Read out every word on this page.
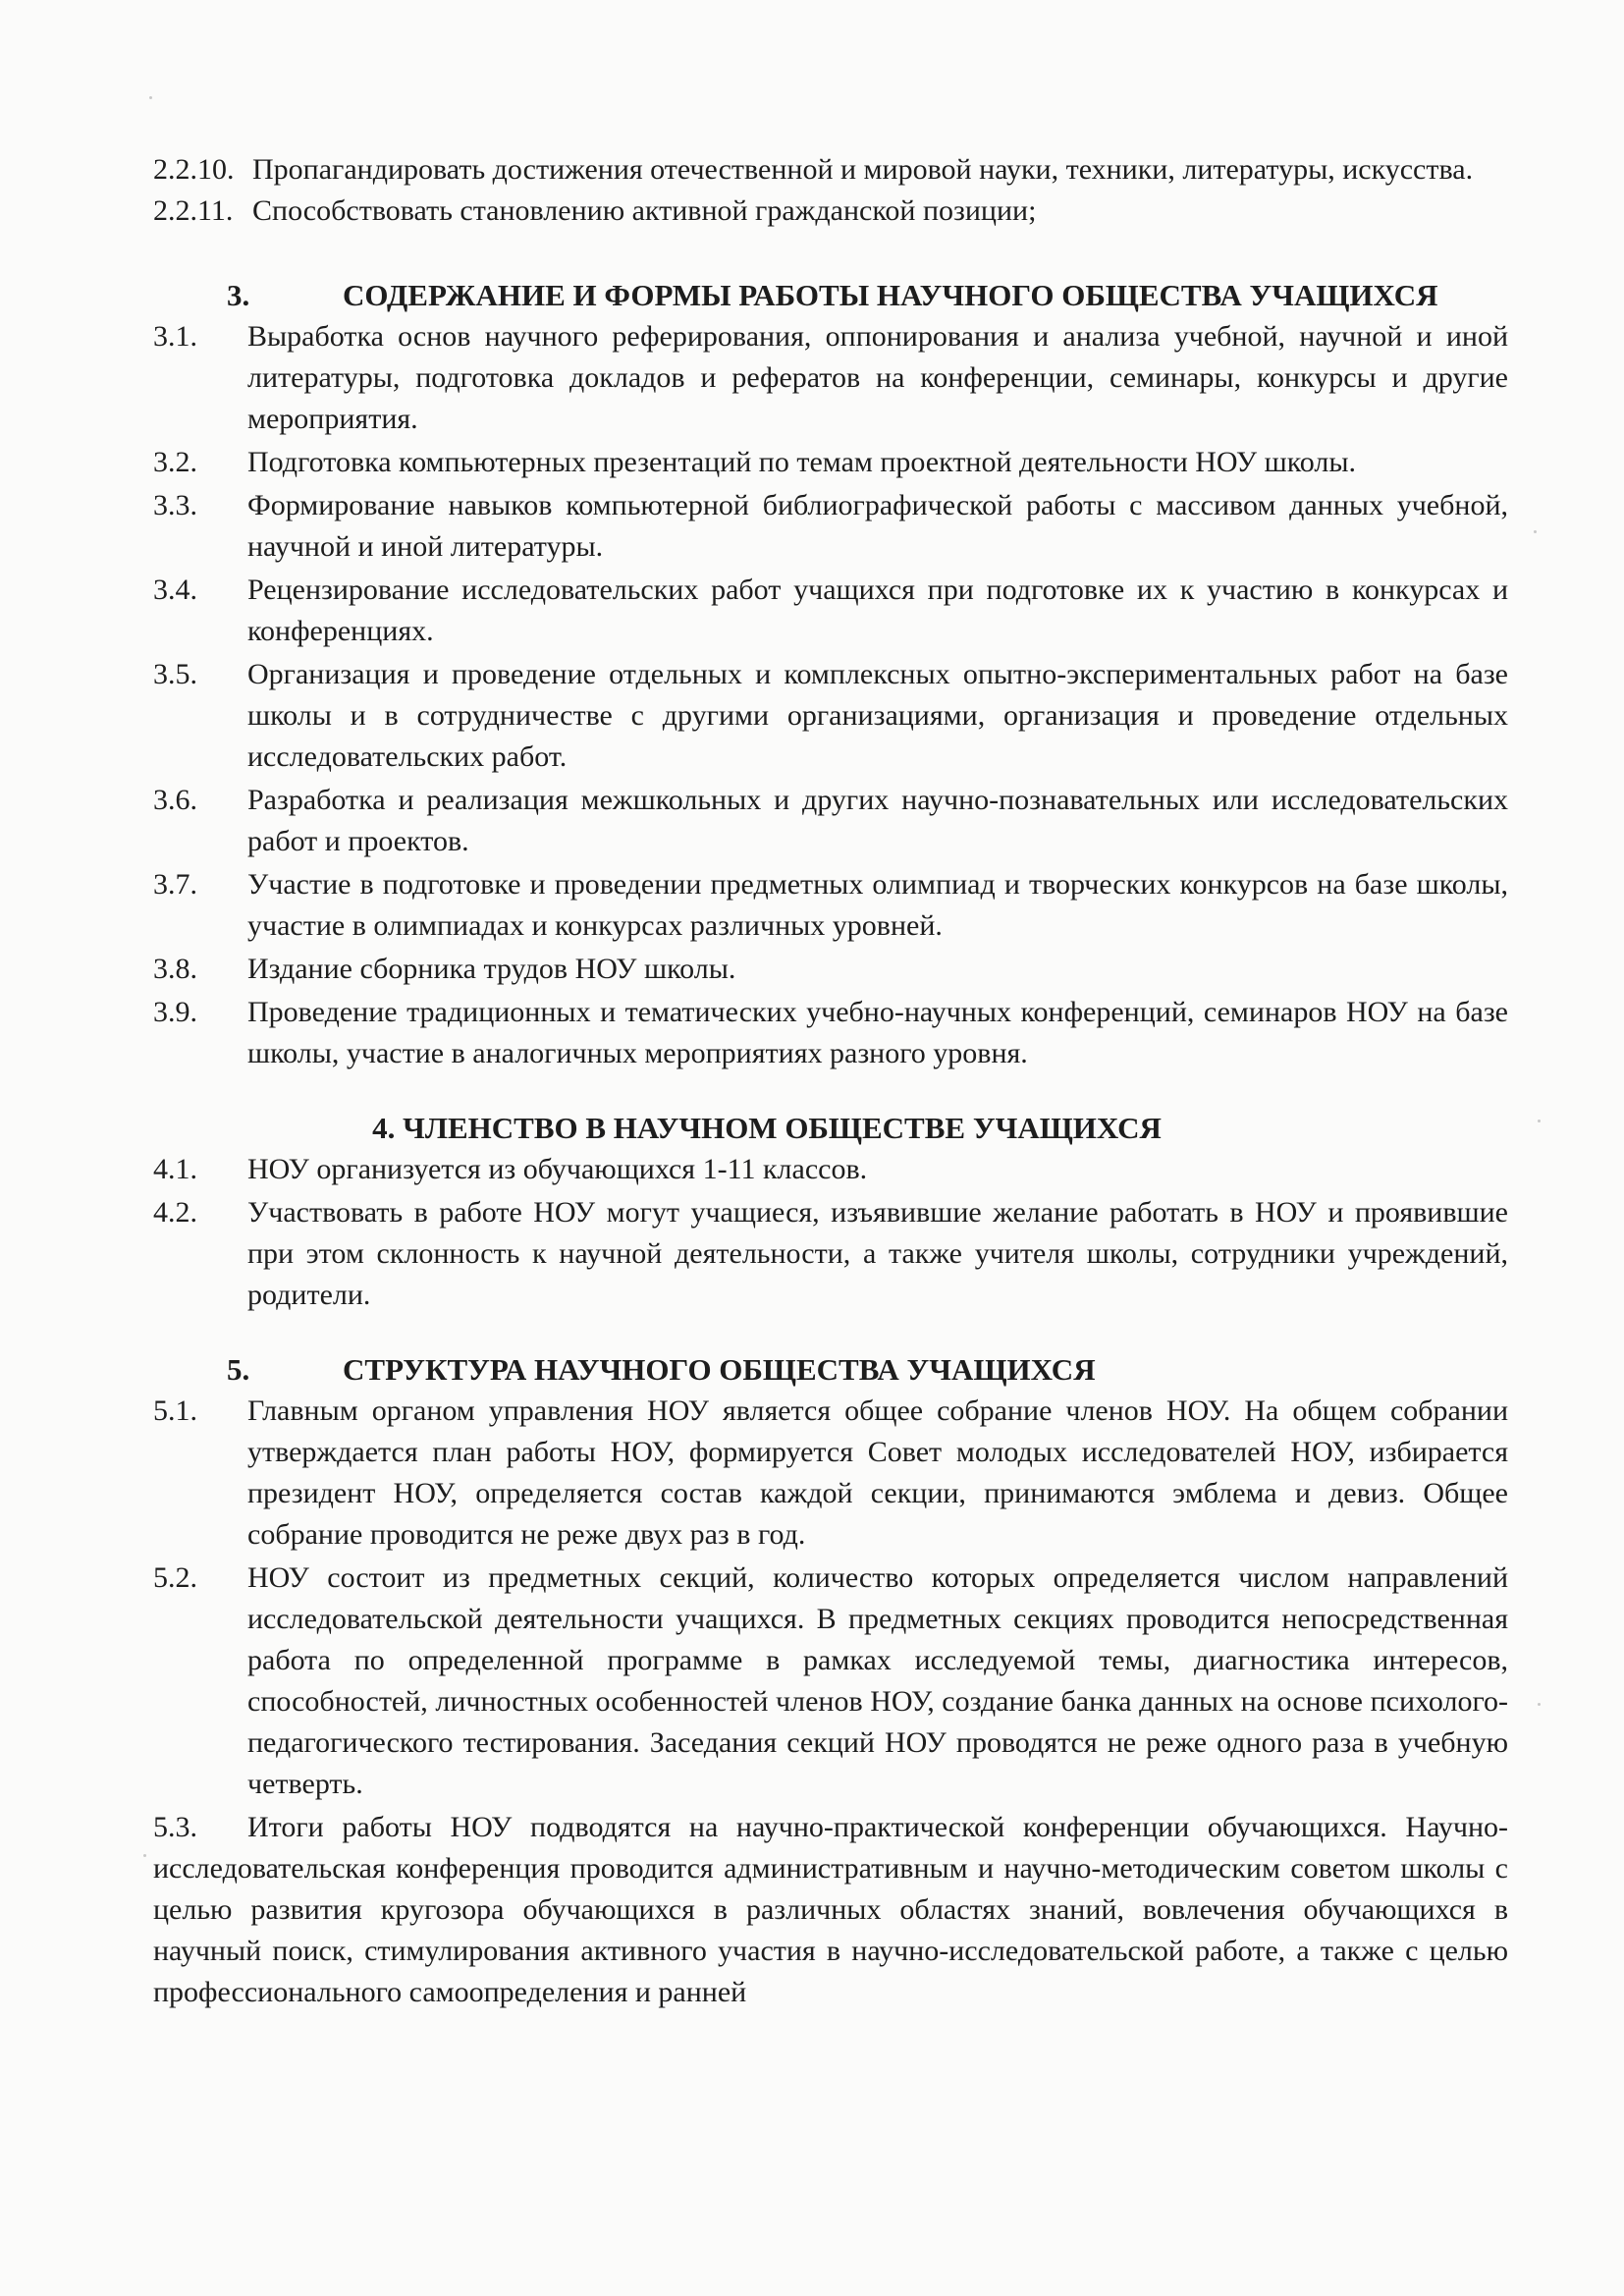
2.2.10. Пропагандировать достижения отечественной и мировой науки, техники, литературы, искусства.
2.2.11. Способствовать становлению активной гражданской позиции;
3.	СОДЕРЖАНИЕ И ФОРМЫ РАБОТЫ НАУЧНОГО ОБЩЕСТВА УЧАЩИХСЯ
3.1. Выработка основ научного реферирования, оппонирования и анализа учебной, научной и иной литературы, подготовка докладов и рефератов на конференции, семинары, конкурсы и другие мероприятия.
3.2. Подготовка компьютерных презентаций по темам проектной деятельности НОУ школы.
3.3. Формирование навыков компьютерной библиографической работы с массивом данных учебной, научной и иной литературы.
3.4. Рецензирование исследовательских работ учащихся при подготовке их к участию в конкурсах и конференциях.
3.5. Организация и проведение отдельных и комплексных опытно-экспериментальных работ на базе школы и в сотрудничестве с другими организациями, организация и проведение отдельных исследовательских работ.
3.6. Разработка и реализация межшкольных и других научно-познавательных или исследовательских работ и проектов.
3.7. Участие в подготовке и проведении предметных олимпиад и творческих конкурсов на базе школы, участие в олимпиадах и конкурсах различных уровней.
3.8. Издание сборника трудов НОУ школы.
3.9. Проведение традиционных и тематических учебно-научных конференций, семинаров НОУ на базе школы, участие в аналогичных мероприятиях разного уровня.
4. ЧЛЕНСТВО В НАУЧНОМ ОБЩЕСТВЕ УЧАЩИХСЯ
4.1. НОУ организуется из обучающихся 1-11 классов.
4.2. Участвовать в работе НОУ могут учащиеся, изъявившие желание работать в НОУ и проявившие при этом склонность к научной деятельности, а также учителя школы, сотрудники учреждений, родители.
5.	СТРУКТУРА НАУЧНОГО ОБЩЕСТВА УЧАЩИХСЯ
5.1. Главным органом управления НОУ является общее собрание членов НОУ. На общем собрании утверждается план работы НОУ, формируется Совет молодых исследователей НОУ, избирается президент НОУ, определяется состав каждой секции, принимаются эмблема и девиз. Общее собрание проводится не реже двух раз в год.
5.2. НОУ состоит из предметных секций, количество которых определяется числом направлений исследовательской деятельности учащихся. В предметных секциях проводится непосредственная работа по определенной программе в рамках исследуемой темы, диагностика интересов, способностей, личностных особенностей членов НОУ, создание банка данных на основе психолого-педагогического тестирования. Заседания секций НОУ проводятся не реже одного раза в учебную четверть.
5.3. Итоги работы НОУ подводятся на научно-практической конференции обучающихся. Научно-исследовательская конференция проводится административным и научно-методическим советом школы с целью развития кругозора обучающихся в различных областях знаний, вовлечения обучающихся в научный поиск, стимулирования активного участия в научно-исследовательской работе, а также с целью профессионального самоопределения и ранней
